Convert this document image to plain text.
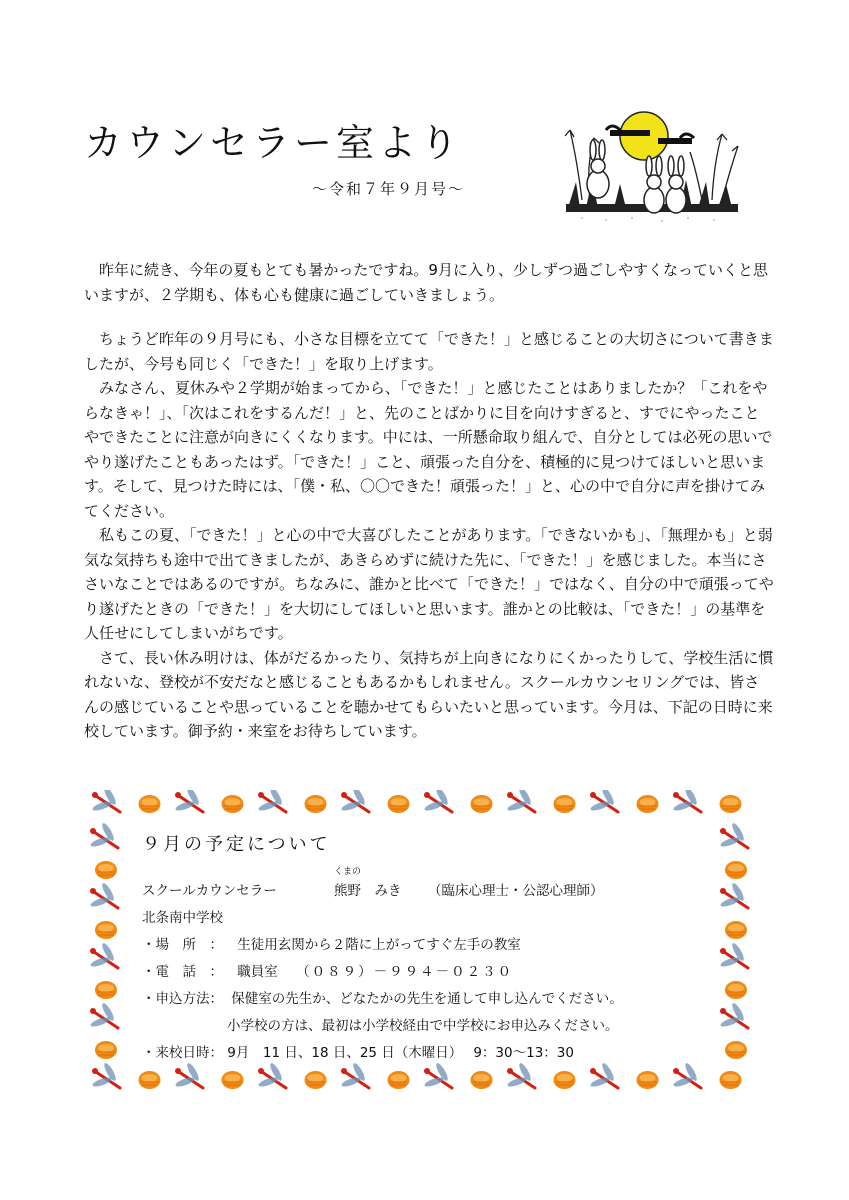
カウンセラー室より
～令和７年９月号～

昨年に続き、今年の夏もとても暑かったですね。9月に入り、少しずつ過ごしやすくなっていくと思いますが、２学期も、体も心も健康に過ごしていきましょう。

ちょうど昨年の９月号にも、小さな目標を立てて「できた！」と感じることの大切さについて書きましたが、今号も同じく「できた！」を取り上げます。

みなさん、夏休みや２学期が始まってから、「できた！」と感じたことはありましたか？「これをやらなきゃ！」、「次はこれをするんだ！」と、先のことばかりに目を向けすぎると、すでにやったことやできたことに注意が向きにくくなります。中には、一所懸命取り組んで、自分としては必死の思いでやり遂げたこともあったはず。「できた！」こと、頑張った自分を、積極的に見つけてほしいと思います。そして、見つけた時には、「僕・私、〇〇できた！頑張った！」と、心の中で自分に声を掛けてみてください。

私もこの夏、「できた！」と心の中で大喜びしたことがあります。「できないかも」、「無理かも」と弱気な気持ちも途中で出てきましたが、あきらめずに続けた先に、「できた！」を感じました。本当にささいなことではあるのですが。ちなみに、誰かと比べて「できた！」ではなく、自分の中で頑張ってやり遂げたときの「できた！」を大切にしてほしいと思います。誰かとの比較は、「できた！」の基準を人任せにしてしまいがちです。

さて、長い休み明けは、体がだるかったり、気持ちが上向きになりにくかったりして、学校生活に慣れないな、登校が不安だなと感じることもあるかもしれません。スクールカウンセリングでは、皆さんの感じていることや思っていることを聴かせてもらいたいと思っています。今月は、下記の日時に来校しています。御予約・来室をお待ちしています。

９月の予定について
スクールカウンセラー
くまの
熊野　みき （臨床心理士・公認心理師）
北条南中学校
・場　所　： 生徒用玄関から２階に上がってすぐ左手の教室
・電　話　： 職員室 （０８９）－９９４－０２３０
・申込方法： 保健室の先生か、どなたかの先生を通して申し込んでください。
小学校の方は、最初は小学校経由で中学校にお申込みください。
・来校日時： 9月　11 日、18 日、25 日（木曜日）　 9：30～13：30
